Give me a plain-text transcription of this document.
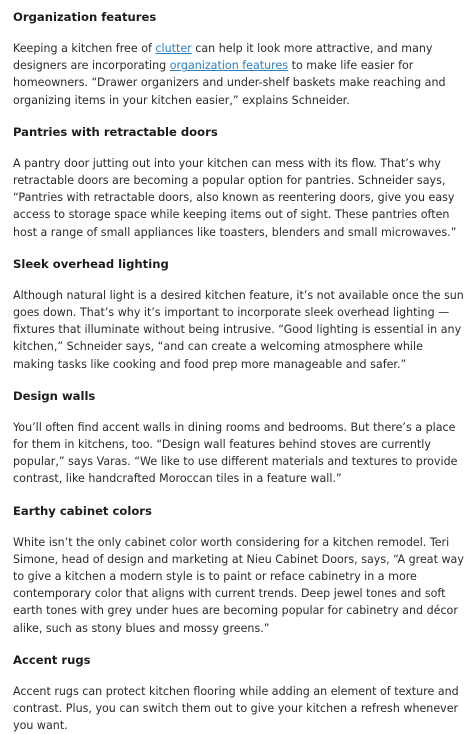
Organization features

Keeping a kitchen free of clutter can help it look more attractive, and many designers are incorporating organization features to make life easier for homeowners. “Drawer organizers and under-shelf baskets make reaching and organizing items in your kitchen easier,” explains Schneider.

Pantries with retractable doors

A pantry door jutting out into your kitchen can mess with its flow. That’s why retractable doors are becoming a popular option for pantries. Schneider says, “Pantries with retractable doors, also known as reentering doors, give you easy access to storage space while keeping items out of sight. These pantries often host a range of small appliances like toasters, blenders and small microwaves.”

Sleek overhead lighting

Although natural light is a desired kitchen feature, it’s not available once the sun goes down. That’s why it’s important to incorporate sleek overhead lighting — fixtures that illuminate without being intrusive. “Good lighting is essential in any kitchen,” Schneider says, “and can create a welcoming atmosphere while making tasks like cooking and food prep more manageable and safer.”

Design walls

You’ll often find accent walls in dining rooms and bedrooms. But there’s a place for them in kitchens, too. “Design wall features behind stoves are currently popular,” says Varas. “We like to use different materials and textures to provide contrast, like handcrafted Moroccan tiles in a feature wall.”

Earthy cabinet colors

White isn’t the only cabinet color worth considering for a kitchen remodel. Teri Simone, head of design and marketing at Nieu Cabinet Doors, says, “A great way to give a kitchen a modern style is to paint or reface cabinetry in a more contemporary color that aligns with current trends. Deep jewel tones and soft earth tones with grey under hues are becoming popular for cabinetry and décor alike, such as stony blues and mossy greens.”

Accent rugs

Accent rugs can protect kitchen flooring while adding an element of texture and contrast. Plus, you can switch them out to give your kitchen a refresh whenever you want.
